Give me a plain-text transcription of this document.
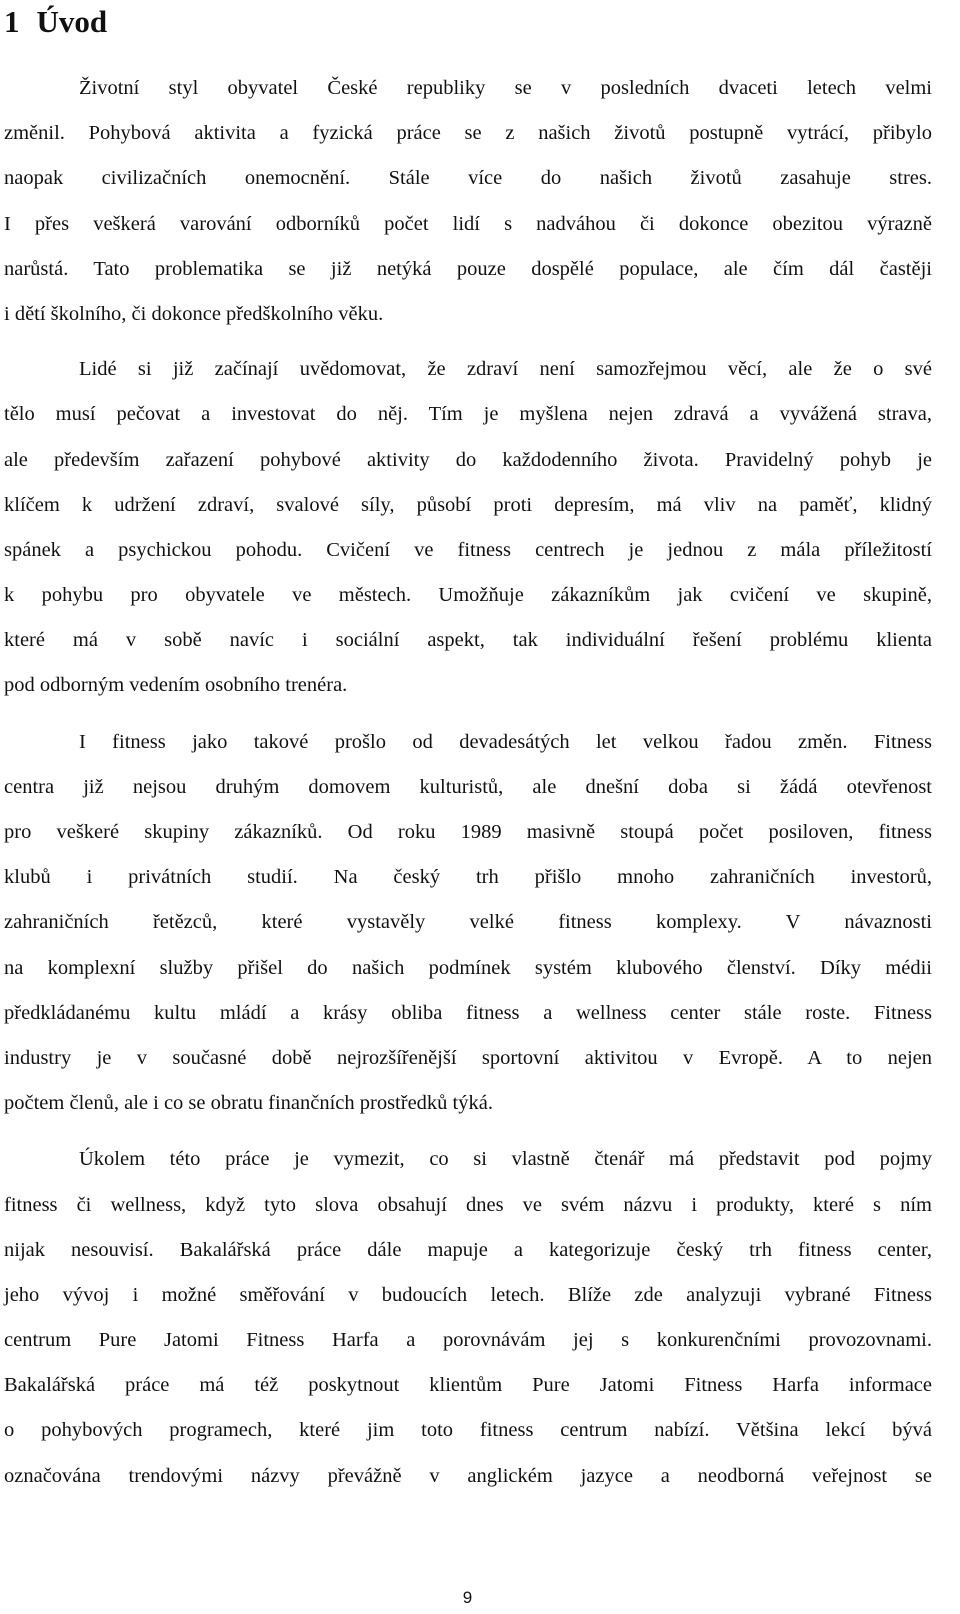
1 Úvod

Životní styl obyvatel České republiky se v posledních dvaceti letech velmi
změnil. Pohybová aktivita a fyzická práce se z našich životů postupně vytrácí, přibylo
naopak civilizačních onemocnění. Stále více do našich životů zasahuje stres.
I přes veškerá varování odborníků počet lidí s nadváhou či dokonce obezitou výrazně
narůstá. Tato problematika se již netýká pouze dospělé populace, ale čím dál častěji
i dětí školního, či dokonce předškolního věku.

Lidé si již začínají uvědomovat, že zdraví není samozřejmou věcí, ale že o své
tělo musí pečovat a investovat do něj. Tím je myšlena nejen zdravá a vyvážená strava,
ale především zařazení pohybové aktivity do každodenního života. Pravidelný pohyb je
klíčem k udržení zdraví, svalové síly, působí proti depresím, má vliv na paměť, klidný
spánek a psychickou pohodu. Cvičení ve fitness centrech je jednou z mála příležitostí
k pohybu pro obyvatele ve městech. Umožňuje zákazníkům jak cvičení ve skupině,
které má v sobě navíc i sociální aspekt, tak individuální řešení problému klienta
pod odborným vedením osobního trenéra.

I fitness jako takové prošlo od devadesátých let velkou řadou změn. Fitness
centra již nejsou druhým domovem kulturistů, ale dnešní doba si žádá otevřenost
pro veškeré skupiny zákazníků. Od roku 1989 masivně stoupá počet posiloven, fitness
klubů i privátních studií. Na český trh přišlo mnoho zahraničních investorů,
zahraničních řetězců, které vystavěly velké fitness komplexy. V návaznosti
na komplexní služby přišel do našich podmínek systém klubového členství. Díky médii
předkládanému kultu mládí a krásy obliba fitness a wellness center stále roste. Fitness
industry je v současné době nejrozšířenější sportovní aktivitou v Evropě. A to nejen
počtem členů, ale i co se obratu finančních prostředků týká.

Úkolem této práce je vymezit, co si vlastně čtenář má představit pod pojmy
fitness či wellness, když tyto slova obsahují dnes ve svém názvu i produkty, které s ním
nijak nesouvisí. Bakalářská práce dále mapuje a kategorizuje český trh fitness center,
jeho vývoj i možné směřování v budoucích letech. Blíže zde analyzuji vybrané Fitness
centrum Pure Jatomi Fitness Harfa a porovnávám jej s konkurenčními provozovnami.
Bakalářská práce má též poskytnout klientům Pure Jatomi Fitness Harfa informace
o pohybových programech, které jim toto fitness centrum nabízí. Většina lekcí bývá
označována trendovými názvy převážně v anglickém jazyce a neodborná veřejnost se

9
